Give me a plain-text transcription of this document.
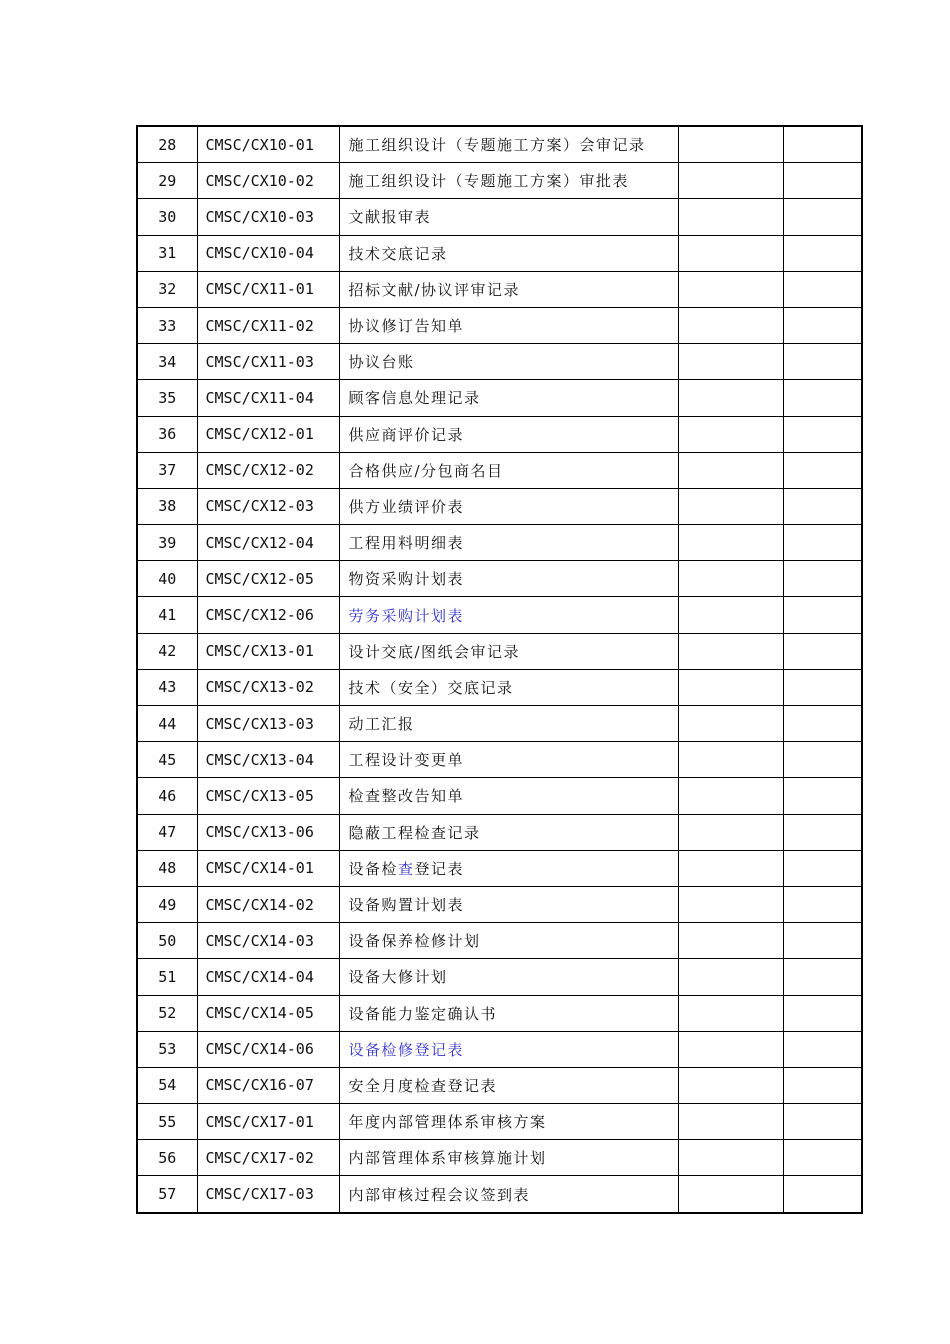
28	CMSC/CX10-01	施工组织设计（专题施工方案）会审记录		
29	CMSC/CX10-02	施工组织设计（专题施工方案）审批表		
30	CMSC/CX10-03	文献报审表		
31	CMSC/CX10-04	技术交底记录		
32	CMSC/CX11-01	招标文献/协议评审记录		
33	CMSC/CX11-02	协议修订告知单		
34	CMSC/CX11-03	协议台账		
35	CMSC/CX11-04	顾客信息处理记录		
36	CMSC/CX12-01	供应商评价记录		
37	CMSC/CX12-02	合格供应/分包商名目		
38	CMSC/CX12-03	供方业绩评价表		
39	CMSC/CX12-04	工程用料明细表		
40	CMSC/CX12-05	物资采购计划表		
41	CMSC/CX12-06	劳务采购计划表		
42	CMSC/CX13-01	设计交底/图纸会审记录		
43	CMSC/CX13-02	技术（安全）交底记录		
44	CMSC/CX13-03	动工汇报		
45	CMSC/CX13-04	工程设计变更单		
46	CMSC/CX13-05	检查整改告知单		
47	CMSC/CX13-06	隐蔽工程检查记录		
48	CMSC/CX14-01	设备检查登记表		
49	CMSC/CX14-02	设备购置计划表		
50	CMSC/CX14-03	设备保养检修计划		
51	CMSC/CX14-04	设备大修计划		
52	CMSC/CX14-05	设备能力鉴定确认书		
53	CMSC/CX14-06	设备检修登记表		
54	CMSC/CX16-07	安全月度检查登记表		
55	CMSC/CX17-01	年度内部管理体系审核方案		
56	CMSC/CX17-02	内部管理体系审核算施计划		
57	CMSC/CX17-03	内部审核过程会议签到表		
